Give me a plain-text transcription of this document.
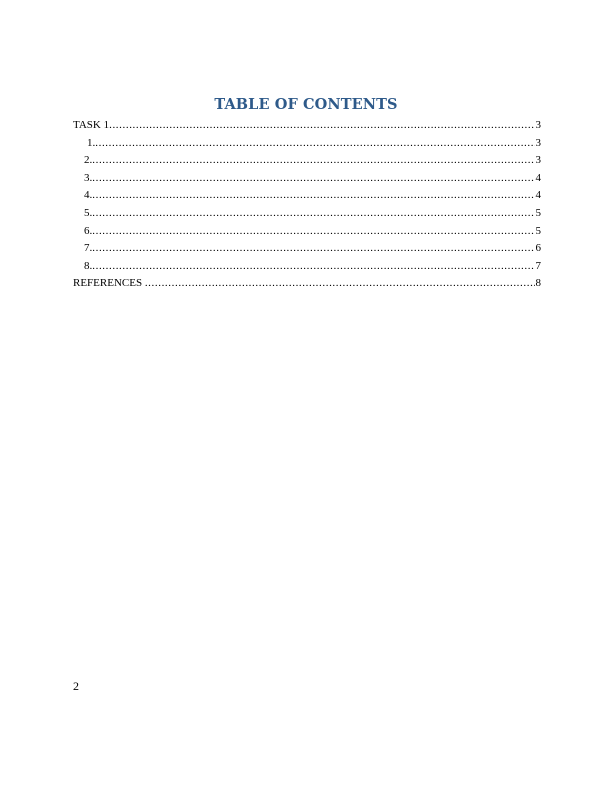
TABLE OF CONTENTS
TASK 1 .....	3
1. .....	3
2. .....	3
3. .....	4
4. .....	4
5. .....	5
6. .....	5
7. .....	6
8. .....	7
REFERENCES .....	8
2
